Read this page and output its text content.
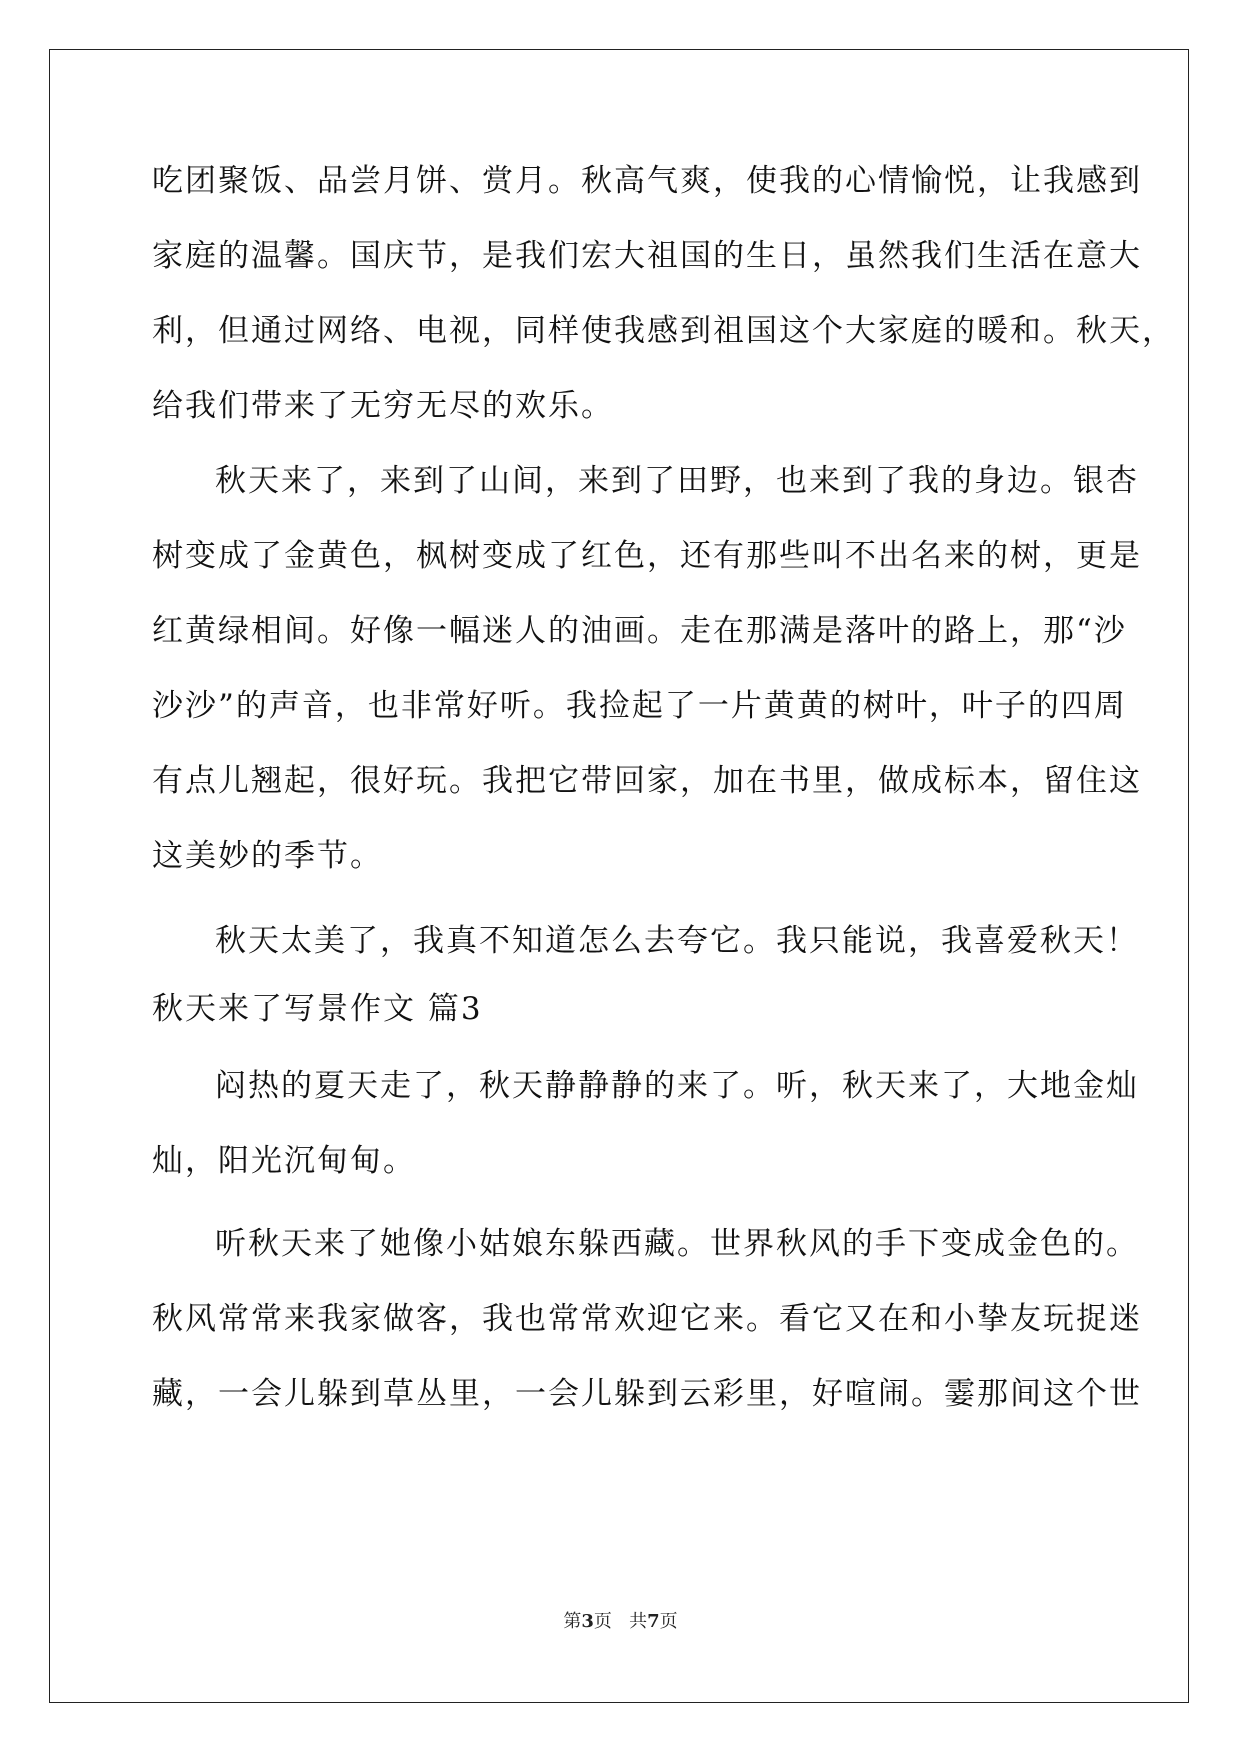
吃团聚饭、品尝月饼、赏月。秋高气爽，使我的心情愉悦，让我感到
家庭的温馨。国庆节，是我们宏大祖国的生日，虽然我们生活在意大
利，但通过网络、电视，同样使我感到祖国这个大家庭的暖和。秋天，
给我们带来了无穷无尽的欢乐。
秋天来了，来到了山间，来到了田野，也来到了我的身边。银杏
树变成了金黄色，枫树变成了红色，还有那些叫不出名来的树，更是
红黄绿相间。好像一幅迷人的油画。走在那满是落叶的路上，那“沙
沙沙”的声音，也非常好听。我捡起了一片黄黄的树叶，叶子的四周
有点儿翘起，很好玩。我把它带回家，加在书里，做成标本，留住这
这美妙的季节。
秋天太美了，我真不知道怎么去夸它。我只能说，我喜爱秋天！
秋天来了写景作文 篇3
闷热的夏天走了，秋天静静静的来了。听，秋天来了，大地金灿
灿，阳光沉甸甸。
听秋天来了她像小姑娘东躲西藏。世界秋风的手下变成金色的。
秋风常常来我家做客，我也常常欢迎它来。看它又在和小挚友玩捉迷
藏，一会儿躲到草丛里，一会儿躲到云彩里，好喧闹。霎那间这个世
第3页 共7页
